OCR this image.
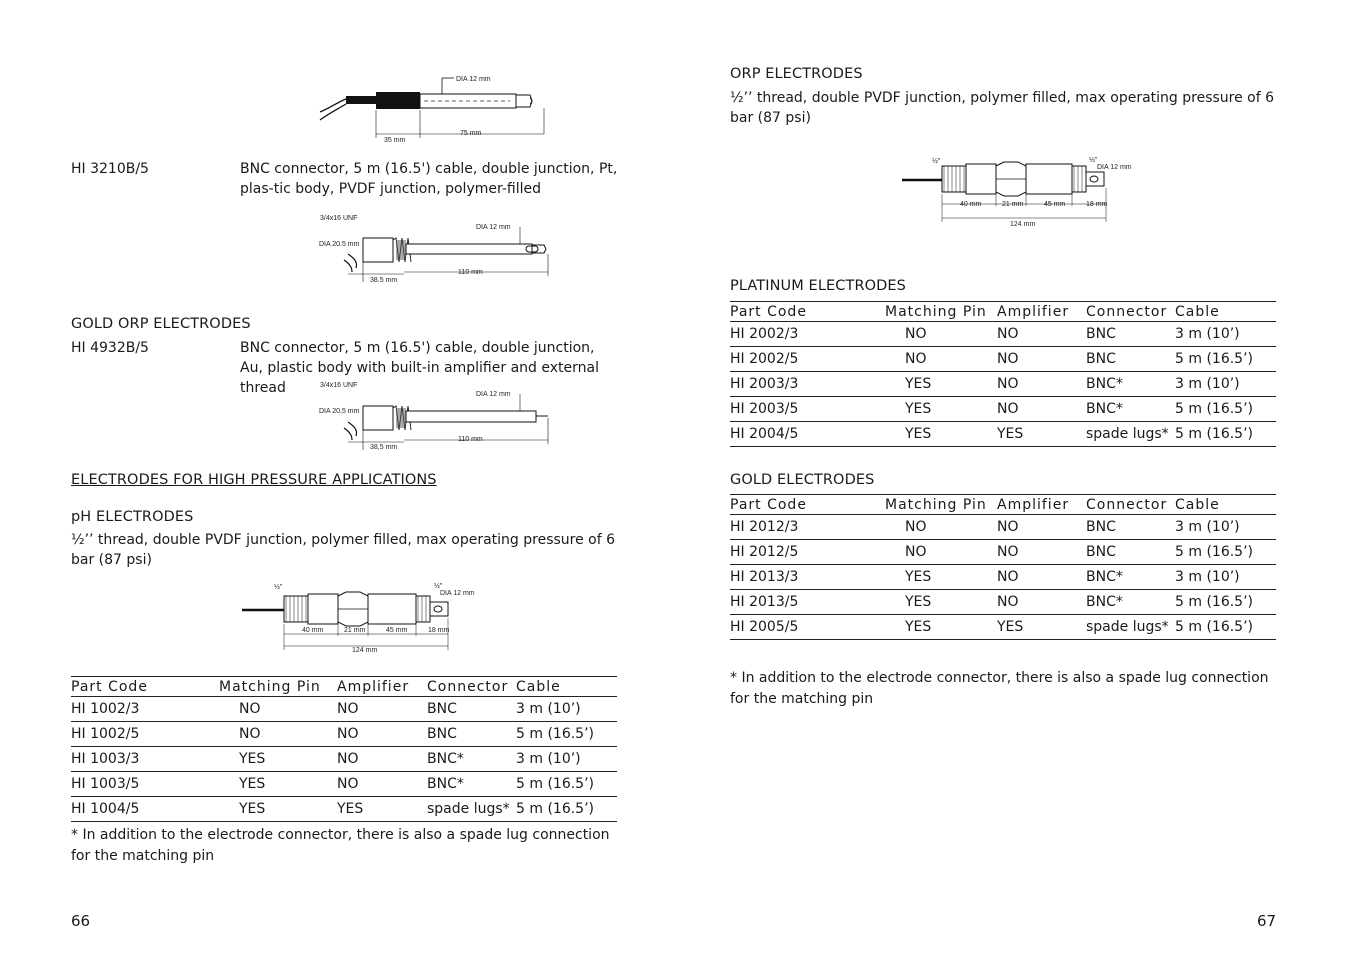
DIA 12 mm
35 mm
75 mm
HI 3210B/5	BNC connector, 5 m (16.5') cable, double junction, Pt, plas-tic body, PVDF junction, polymer-filled
3/4x16 UNF
DIA 20.5 mm
DIA 12 mm
38.5 mm
110 mm
GOLD ORP ELECTRODES
HI 4932B/5	BNC connector, 5 m (16.5') cable, double junction, Au, plastic body with built-in amplifier and external thread	3/4x16 UNF
DIA 20,5 mm
DIA 12 mm
38,5 mm
110 mm
ELECTRODES FOR HIGH PRESSURE APPLICATIONS
pH ELECTRODES
½’’ thread, double PVDF junction, polymer filled, max operating pressure of 6 bar (87 psi)
½"	½"
DIA 12 mm
40 mm	21 mm	45 mm	18 mm
124 mm
Part Code	Matching Pin	Amplifier	Connector	Cable
HI 1002/3	NO	NO	BNC	3 m (10’)
HI 1002/5	NO	NO	BNC	5 m (16.5’)
HI 1003/3	YES	NO	BNC*	3 m (10’)
HI 1003/5	YES	NO	BNC*	5 m (16.5’)
HI 1004/5	YES	YES	spade lugs*	5 m (16.5’)
* In addition to the electrode connector, there is also a spade lug connection for the matching pin
66
ORP ELECTRODES
½’’ thread, double PVDF junction, polymer filled, max operating pressure of 6 bar (87 psi)
½"	½"
DIA 12 mm
40 mm	21 mm	45 mm	18 mm
124 mm
PLATINUM ELECTRODES
Part Code	Matching Pin	Amplifier	Connector	Cable
HI 2002/3	NO	NO	BNC	3 m (10’)
HI 2002/5	NO	NO	BNC	5 m (16.5’)
HI 2003/3	YES	NO	BNC*	3 m (10’)
HI 2003/5	YES	NO	BNC*	5 m (16.5’)
HI 2004/5	YES	YES	spade lugs*	5 m (16.5’)
GOLD ELECTRODES
Part Code	Matching Pin	Amplifier	Connector	Cable
HI 2012/3	NO	NO	BNC	3 m (10’)
HI 2012/5	NO	NO	BNC	5 m (16.5’)
HI 2013/3	YES	NO	BNC*	3 m (10’)
HI 2013/5	YES	NO	BNC*	5 m (16.5’)
HI 2005/5	YES	YES	spade lugs*	5 m (16.5’)
* In addition to the electrode connector, there is also a spade lug connection for the matching pin
67
